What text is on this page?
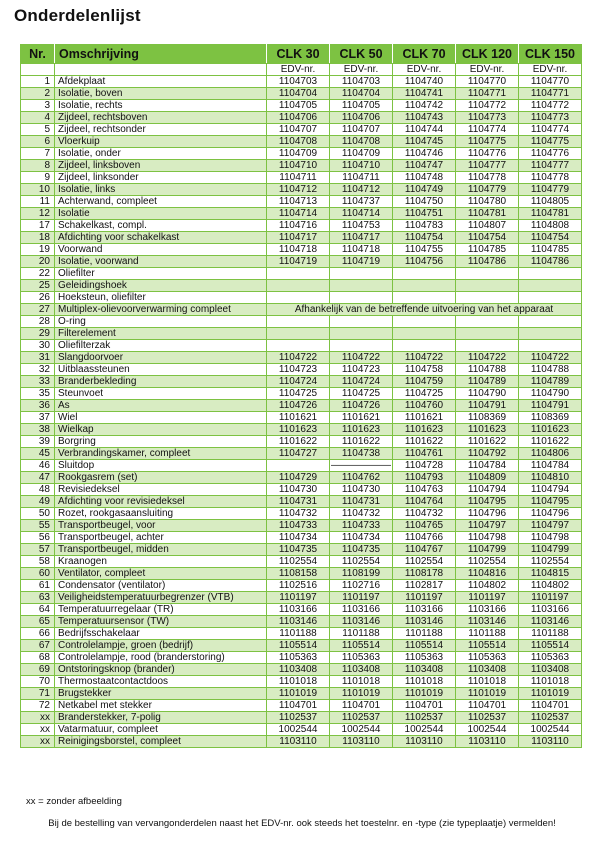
Onderdelenlijst
Nr.	Omschrijving	CLK 30	CLK 50	CLK 70	CLK 120	CLK 150
		EDV-nr.	EDV-nr.	EDV-nr.	EDV-nr.	EDV-nr.
1	Afdekplaat	1104703	1104703	1104740	1104770	1104770
2	Isolatie, boven	1104704	1104704	1104741	1104771	1104771
3	Isolatie, rechts	1104705	1104705	1104742	1104772	1104772
4	Zijdeel, rechtsboven	1104706	1104706	1104743	1104773	1104773
5	Zijdeel, rechtsonder	1104707	1104707	1104744	1104774	1104774
6	Vloerkuip	1104708	1104708	1104745	1104775	1104775
7	Isolatie, onder	1104709	1104709	1104746	1104776	1104776
8	Zijdeel, linksboven	1104710	1104710	1104747	1104777	1104777
9	Zijdeel, linksonder	1104711	1104711	1104748	1104778	1104778
10	Isolatie, links	1104712	1104712	1104749	1104779	1104779
11	Achterwand, compleet	1104713	1104737	1104750	1104780	1104805
12	Isolatie	1104714	1104714	1104751	1104781	1104781
17	Schakelkast, compl.	1104716	1104753	1104783	1104807	1104808
18	Afdichting voor schakelkast	1104717	1104717	1104754	1104754	1104754
19	Voorwand	1104718	1104718	1104755	1104785	1104785
20	Isolatie, voorwand	1104719	1104719	1104756	1104786	1104786
22	Oliefilter					
25	Geleidingshoek					
26	Hoeksteun, oliefilter					
27	Multiplex-olievoorverwarming compleet	Afhankelijk van de betreffende uitvoering van het apparaat				
28	O-ring					
29	Filterelement					
30	Oliefilterzak					
31	Slangdoorvoer	1104722	1104722	1104722	1104722	1104722
32	Uitblaassteunen	1104723	1104723	1104758	1104788	1104788
33	Branderbekleding	1104724	1104724	1104759	1104789	1104789
35	Steunvoet	1104725	1104725	1104725	1104790	1104790
36	As	1104726	1104726	1104760	1104791	1104791
37	Wiel	1101621	1101621	1101621	1108369	1108369
38	Wielkap	1101623	1101623	1101623	1101623	1101623
39	Borgring	1101622	1101622	1101622	1101622	1101622
45	Verbrandingskamer, compleet	1104727	1104738	1104761	1104792	1104806
46	Sluitdop		——————	1104728	1104784	1104784
47	Rookgasrem (set)	1104729	1104762	1104793	1104809	1104810
48	Revisiedeksel	1104730	1104730	1104763	1104794	1104794
49	Afdichting voor revisiedeksel	1104731	1104731	1104764	1104795	1104795
50	Rozet, rookgasaansluiting	1104732	1104732	1104732	1104796	1104796
55	Transportbeugel, voor	1104733	1104733	1104765	1104797	1104797
56	Transportbeugel, achter	1104734	1104734	1104766	1104798	1104798
57	Transportbeugel, midden	1104735	1104735	1104767	1104799	1104799
58	Kraanogen	1102554	1102554	1102554	1102554	1102554
60	Ventilator, compleet	1108158	1108199	1108178	1104816	1104815
61	Condensator (ventilator)	1102516	1102716	1102817	1104802	1104802
63	Veiligheidstemperatuurbegrenzer (VTB)	1101197	1101197	1101197	1101197	1101197
64	Temperatuurregelaar (TR)	1103166	1103166	1103166	1103166	1103166
65	Temperatuursensor (TW)	1103146	1103146	1103146	1103146	1103146
66	Bedrijfsschakelaar	1101188	1101188	1101188	1101188	1101188
67	Controlelampje, groen (bedrijf)	1105514	1105514	1105514	1105514	1105514
68	Controlelampje, rood (branderstoring)	1105363	1105363	1105363	1105363	1105363
69	Ontstoringsknop (brander)	1103408	1103408	1103408	1103408	1103408
70	Thermostaatcontactdoos	1101018	1101018	1101018	1101018	1101018
71	Brugstekker	1101019	1101019	1101019	1101019	1101019
72	Netkabel met stekker	1104701	1104701	1104701	1104701	1104701
xx	Branderstekker, 7-polig	1102537	1102537	1102537	1102537	1102537
xx	Vatarmatuur, compleet	1002544	1002544	1002544	1002544	1002544
xx	Reinigingsborstel, compleet	1103110	1103110	1103110	1103110	1103110
xx = zonder afbeelding
Bij de bestelling van vervangonderdelen naast het EDV-nr. ook steeds het toestelnr. en -type (zie typeplaatje) vermelden!
